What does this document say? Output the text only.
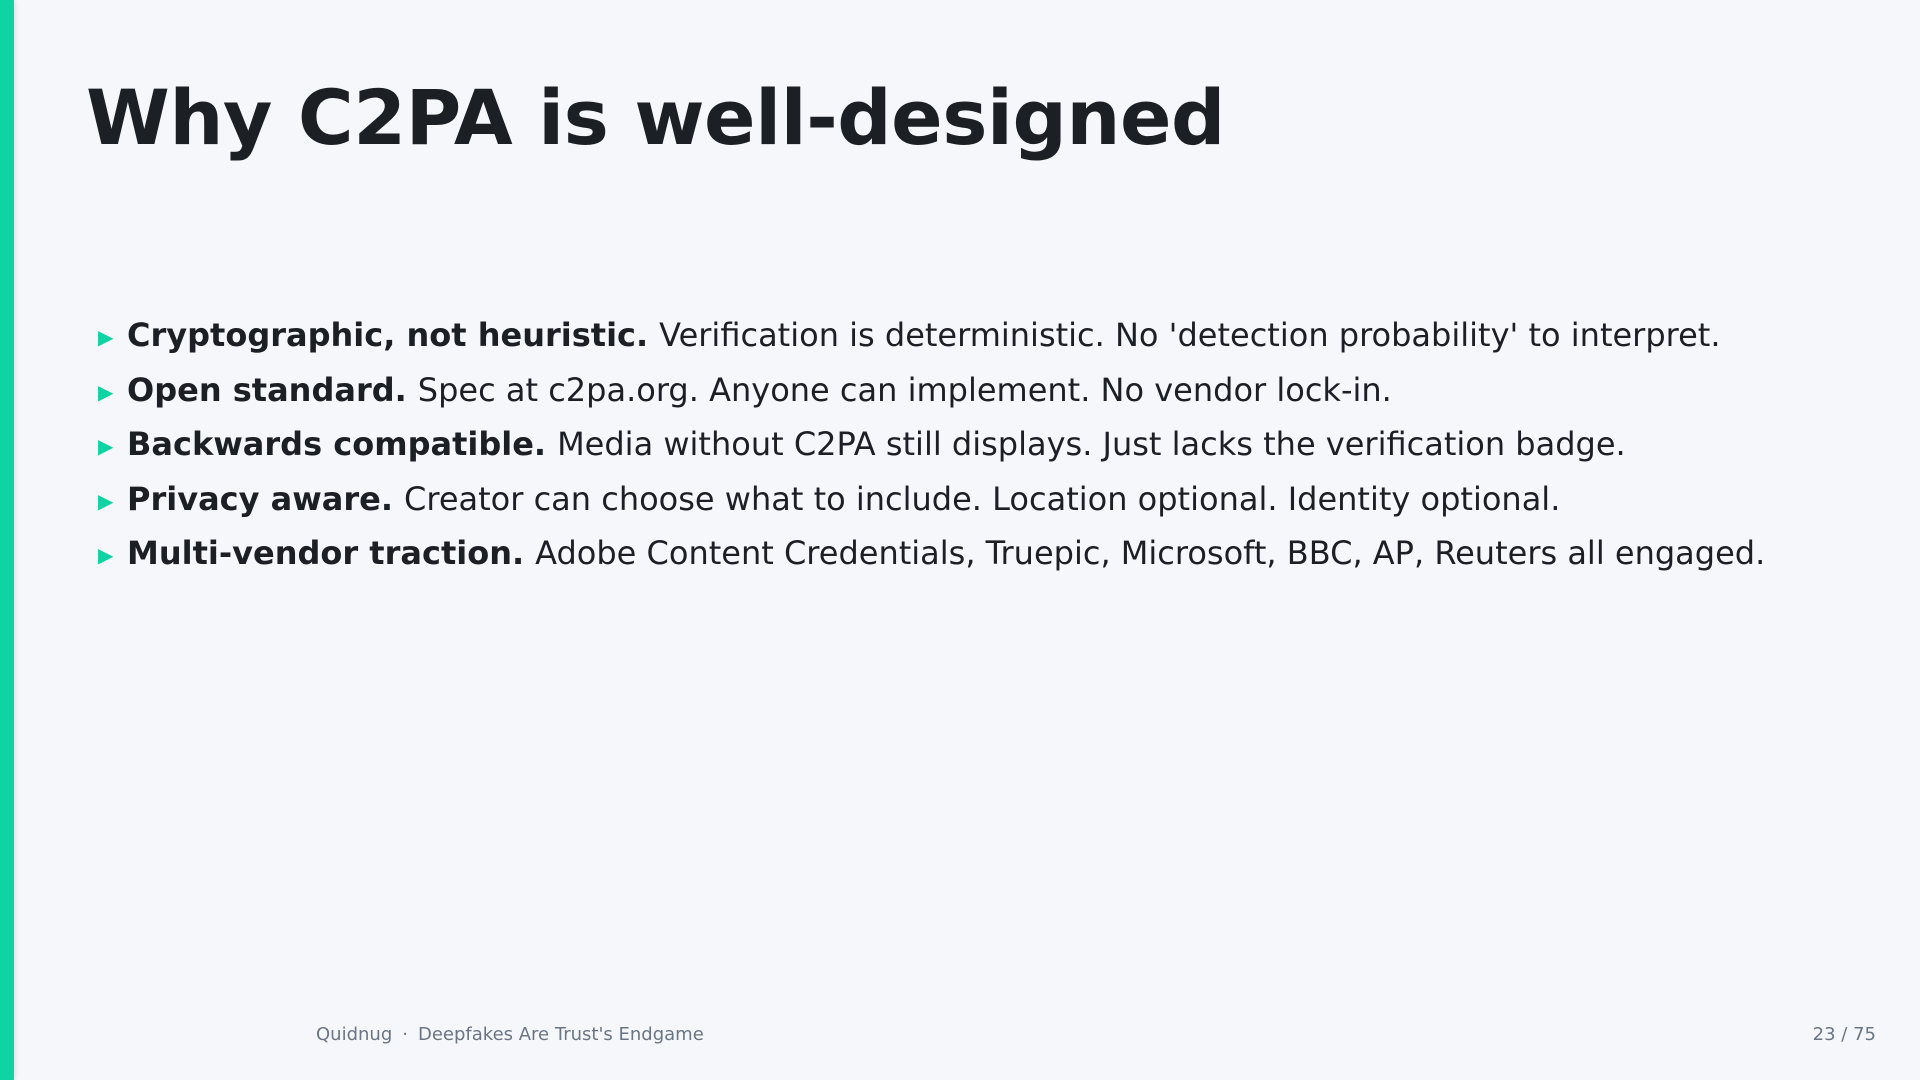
Why C2PA is well-designed
▶ Cryptographic, not heuristic. Verification is deterministic. No 'detection probability' to interpret.
▶ Open standard. Spec at c2pa.org. Anyone can implement. No vendor lock-in.
▶ Backwards compatible. Media without C2PA still displays. Just lacks the verification badge.
▶ Privacy aware. Creator can choose what to include. Location optional. Identity optional.
▶ Multi-vendor traction. Adobe Content Credentials, Truepic, Microsoft, BBC, AP, Reuters all engaged.
Quidnug · Deepfakes Are Trust's Endgame	23 / 75
